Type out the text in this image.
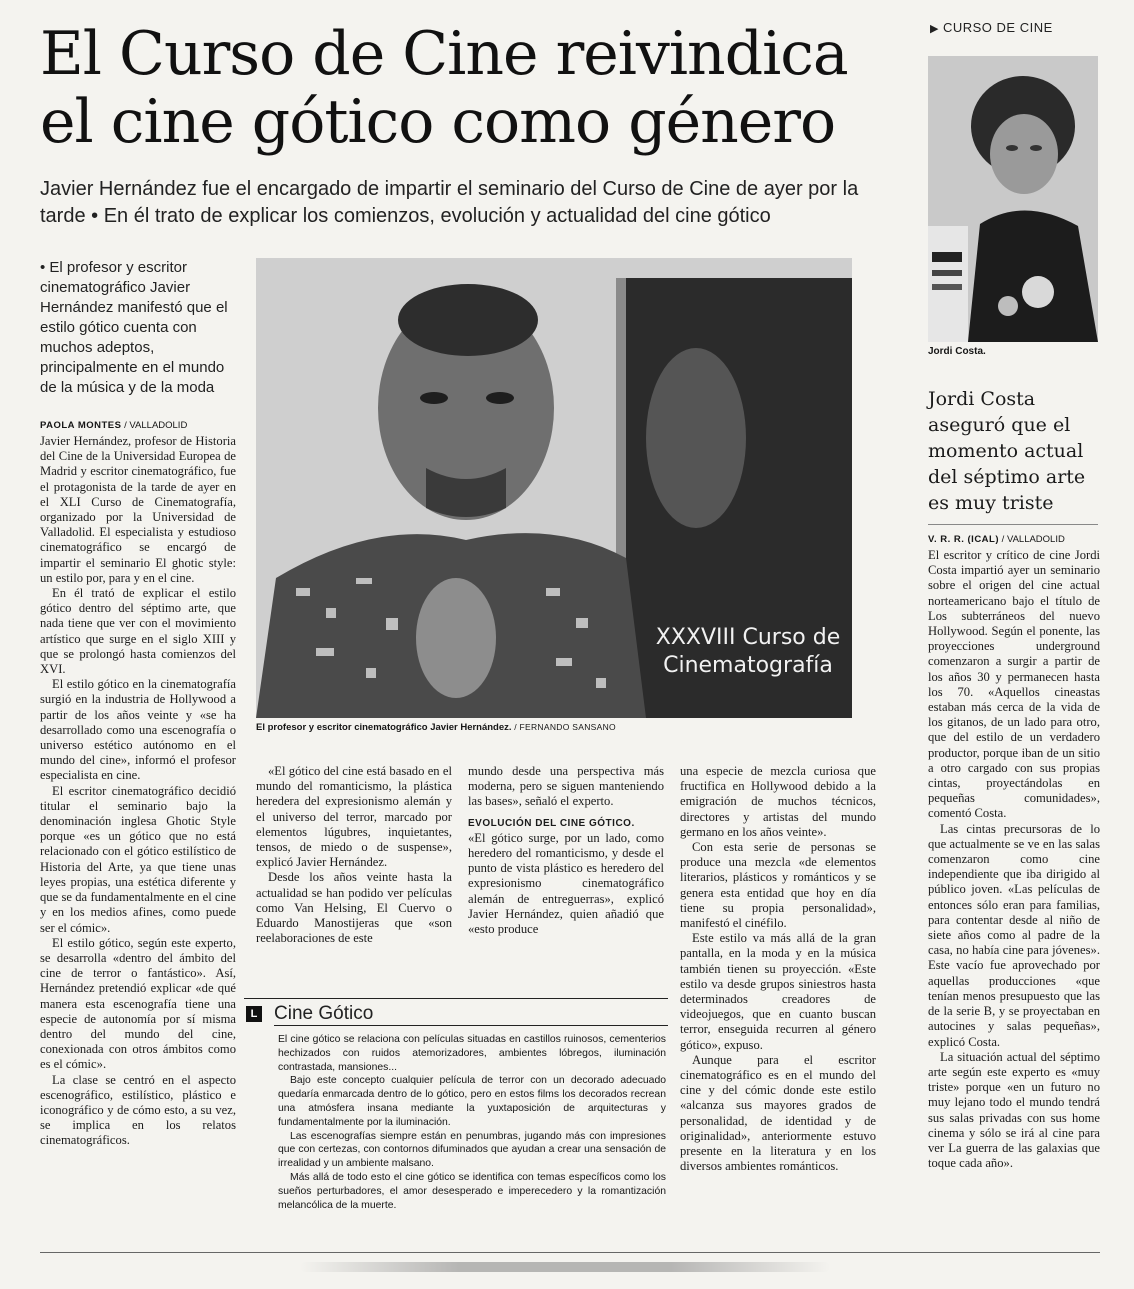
El Curso de Cine reivindica
el cine gótico como género
Javier Hernández fue el encargado de impartir el seminario del Curso de Cine de ayer por la tarde • En él trato de explicar los comienzos, evolución y actualidad del cine gótico
▶ CURSO DE CINE
Jordi Costa.
Jordi Costa aseguró que el momento actual del séptimo arte es muy triste
V. R. R. (ICAL) / VALLADOLID

El escritor y crítico de cine Jordi Costa impartió ayer un seminario sobre el origen del cine actual norteamericano bajo el título de Los subterráneos del nuevo Hollywood. Según el ponente, las proyecciones underground comenzaron a surgir a partir de los años 30 y permanecen hasta los 70. «Aquellos cineastas estaban más cerca de la vida de los gitanos, de un lado para otro, que del estilo de un verdadero productor, porque iban de un sitio a otro cargado con sus propias cintas, proyectándolas en pequeñas comunidades», comentó Costa.

Las cintas precursoras de lo que actualmente se ve en las salas comenzaron como cine independiente que iba dirigido al público joven. «Las películas de entonces sólo eran para familias, para contentar desde al niño de siete años como al padre de la casa, no había cine para jóvenes». Este vacío fue aprovechado por aquellas producciones «que tenían menos presupuesto que las de la serie B, y se proyectaban en autocines y salas pequeñas», explicó Costa.

La situación actual del séptimo arte según este experto es «muy triste» porque «en un futuro no muy lejano todo el mundo tendrá sus salas privadas con sus home cinema y sólo se irá al cine para ver La guerra de las galaxias que toque cada año».

• El profesor y escritor cinematográfico Javier Hernández manifestó que el estilo gótico cuenta con muchos adeptos, principalmente en el mundo de la música y de la moda
PAOLA MONTES / VALLADOLID

Javier Hernández, profesor de Historia del Cine de la Universidad Europea de Madrid y escritor cinematográfico, fue el protagonista de la tarde de ayer en el XLI Curso de Cinematografía, organizado por la Universidad de Valladolid. El especialista y estudioso cinematográfico se encargó de impartir el seminario El ghotic style: un estilo por, para y en el cine.

En él trató de explicar el estilo gótico dentro del séptimo arte, que nada tiene que ver con el movimiento artístico que surge en el siglo XIII y que se prolongó hasta comienzos del XVI.

El estilo gótico en la cinematografía surgió en la industria de Hollywood a partir de los años veinte y «se ha desarrollado como una escenografía o universo estético autónomo en el mundo del cine», informó el profesor especialista en cine.

El escritor cinematográfico decidió titular el seminario bajo la denominación inglesa Ghotic Style porque «es un gótico que no está relacionado con el gótico estilístico de Historia del Arte, ya que tiene unas leyes propias, una estética diferente y que se da fundamentalmente en el cine y en los medios afines, como puede ser el cómic».

El estilo gótico, según este experto, se desarrolla «dentro del ámbito del cine de terror o fantástico». Así, Hernández pretendió explicar «de qué manera esta escenografía tiene una especie de autonomía por sí misma dentro del mundo del cine, conexionada con otros ámbitos como es el cómic».

La clase se centró en el aspecto escenográfico, estilístico, plástico e iconográfico y de cómo esto, a su vez, se implica en los relatos cinematográficos.

XXXVIII Curso de
Cinematografía
El profesor y escritor cinematográfico Javier Hernández. / FERNANDO SANSANO

«El gótico del cine está basado en el mundo del romanticismo, la plástica heredera del expresionismo alemán y el universo del terror, marcado por elementos lúgubres, inquietantes, tensos, de miedo o de suspense», explicó Javier Hernández.

Desde los años veinte hasta la actualidad se han podido ver películas como Van Helsing, El Cuervo o Eduardo Manostijeras que «son reelaboraciones de este

mundo desde una perspectiva más moderna, pero se siguen manteniendo las bases», señaló el experto.

EVOLUCIÓN DEL CINE GÓTICO.

«El gótico surge, por un lado, como heredero del romanticismo, y desde el punto de vista plástico es heredero del expresionismo cinematográfico alemán de entreguerras», explicó Javier Hernández, quien añadió que «esto produce

una especie de mezcla curiosa que fructifica en Hollywood debido a la emigración de muchos técnicos, directores y artistas del mundo germano en los años veinte».

Con esta serie de personas se produce una mezcla «de elementos literarios, plásticos y románticos y se genera esta entidad que hoy en día tiene su propia personalidad», manifestó el cinéfilo.

Este estilo va más allá de la gran pantalla, en la moda y en la música también tienen su proyección. «Este estilo va desde grupos siniestros hasta determinados creadores de videojuegos, que en cuanto buscan terror, enseguida recurren al género gótico», expuso.

Aunque para el escritor cinematográfico es en el mundo del cine y del cómic donde este estilo «alcanza sus mayores grados de personalidad, de identidad y de originalidad», anteriormente estuvo presente en la literatura y en los diversos ambientes románticos.

L Cine Gótico

El cine gótico se relaciona con películas situadas en castillos ruinosos, cementerios hechizados con ruidos atemorizadores, ambientes lóbregos, iluminación contrastada, mansiones...

Bajo este concepto cualquier película de terror con un decorado adecuado quedaría enmarcada dentro de lo gótico, pero en estos films los decorados recrean una atmósfera insana mediante la yuxtaposición de arquitecturas y fundamentalmente por la iluminación.

Las escenografías siempre están en penumbras, jugando más con impresiones que con certezas, con contornos difuminados que ayudan a crear una sensación de irrealidad y un ambiente malsano.

Más allá de todo esto el cine gótico se identifica con temas específicos como los sueños perturbadores, el amor desesperado e imperecedero y la romantización melancólica de la muerte.
